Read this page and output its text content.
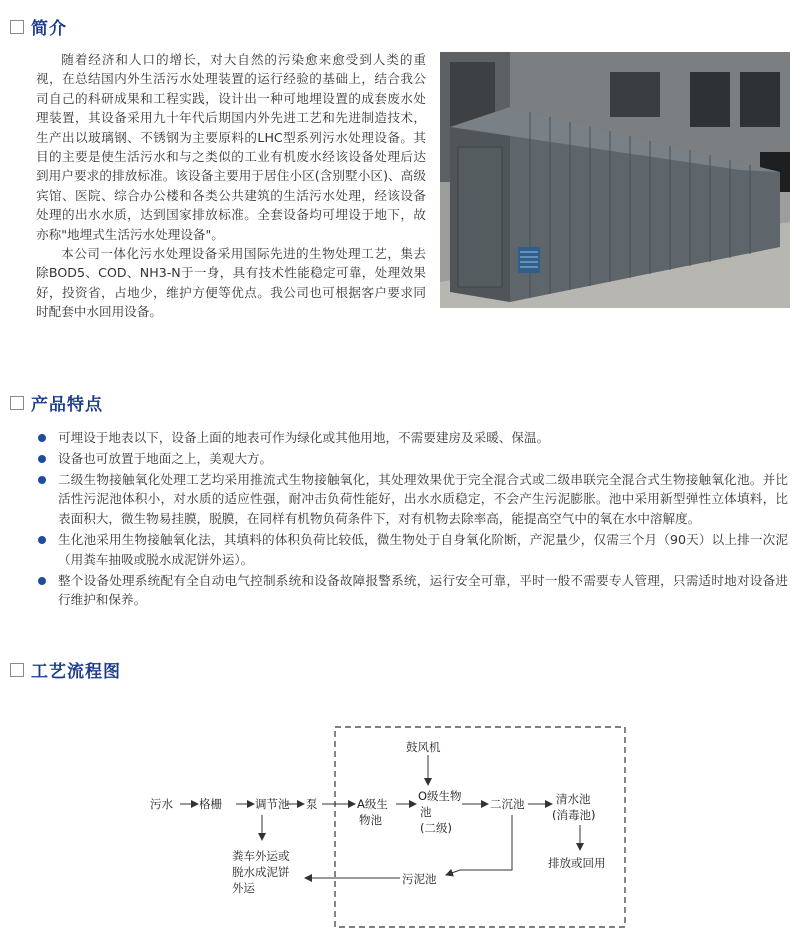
简介

随着经济和人口的增长，对大自然的污染愈来愈受到人类的重视，在总结国内外生活污水处理装置的运行经验的基础上，结合我公司自己的科研成果和工程实践，设计出一种可地埋设置的成套废水处理装置，其设备采用九十年代后期国内外先进工艺和先进制造技术，生产出以玻璃钢、不锈钢为主要原料的LHC型系列污水处理设备。其目的主要是使生活污水和与之类似的工业有机废水经该设备处理后达到用户要求的排放标准。该设备主要用于居住小区(含别墅小区)、高级宾馆、医院、综合办公楼和各类公共建筑的生活污水处理，经该设备处理的出水水质，达到国家排放标准。全套设备均可埋设于地下，故亦称"地埋式生活污水处理设备"。

本公司一体化污水处理设备采用国际先进的生物处理工艺，集去除BOD5、COD、NH3-N于一身，具有技术性能稳定可靠，处理效果好，投资省，占地少，维护方便等优点。我公司也可根据客户要求同时配套中水回用设备。

产品特点
可埋设于地表以下，设备上面的地表可作为绿化或其他用地，不需要建房及采暖、保温。
设备也可放置于地面之上，美观大方。
二级生物接触氧化处理工艺均采用推流式生物接触氧化，其处理效果优于完全混合式或二级串联完全混合式生物接触氧化池。并比活性污泥池体积小，对水质的适应性强，耐冲击负荷性能好，出水水质稳定，不会产生污泥膨胀。池中采用新型弹性立体填料，比表面积大，微生物易挂膜，脱膜，在同样有机物负荷条件下，对有机物去除率高，能提高空气中的氧在水中溶解度。
生化池采用生物接触氧化法，其填料的体积负荷比较低，微生物处于自身氧化阶断，产泥量少，仅需三个月（90天）以上排一次泥（用粪车抽吸或脱水成泥饼外运）。
整个设备处理系统配有全自动电气控制系统和设备故障报警系统，运行安全可靠，平时一般不需要专人管理，只需适时地对设备进行维护和保养。
工艺流程图
污水 格栅	调节池 泵	A级生
物池
O级生物
池
(二级)
鼓风机
二沉池	清水池
(消毒池)
排放或回用
污泥池
粪车外运或
脱水成泥饼
外运
